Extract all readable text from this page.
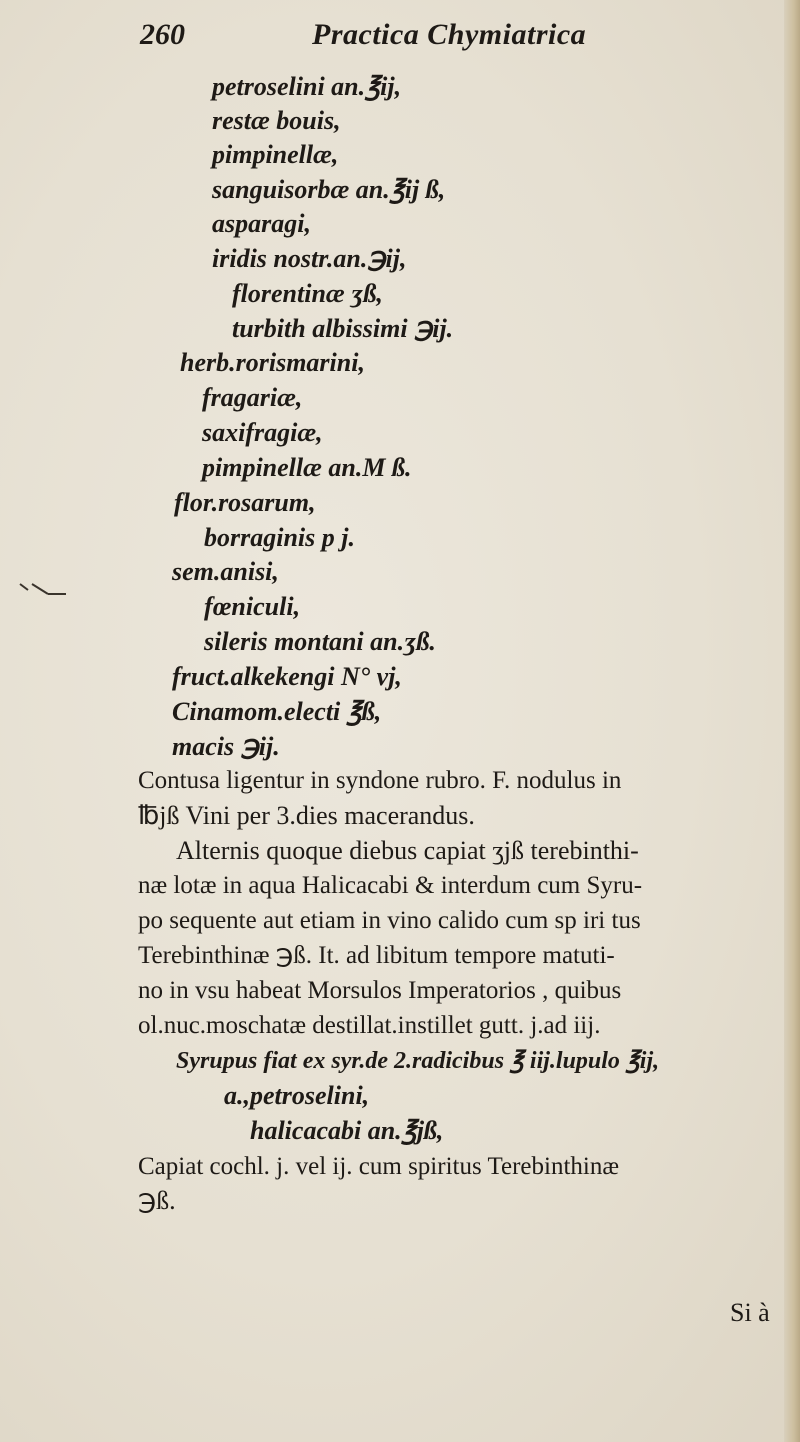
260	Practica Chymiatrica
petroselini an.℥ij,
restæ bouis,
pimpinellæ,
sanguisorbæ an.℥ij ß,
asparagi,
iridis nostr.an.℈ij,
florentinæ ʒß,
turbith albissimi ℈ij.
herb.rorismarini,
fragariæ,
saxifragiæ,
pimpinellæ an.M ß.
flor.rosarum,
borraginis p j.
sem.anisi,
fœniculi,
sileris montani an.ʒß.
fruct.alkekengi N° vj,
Cinamom.electi ℥ß,
macis ℈ij.
Contusa ligentur in syndone rubro. F. nodulus in
℔jß Vini per 3.dies macerandus.
Alternis quoque diebus capiat ʒjß terebinthi-
næ lotæ in aqua Halicacabi & interdum cum Syru-
po sequente aut etiam in vino calido cum sp iri tus
Terebinthinæ ℈ß. It. ad libitum tempore matuti-
no in vsu habeat Morsulos Imperatorios , quibus
ol.nuc.moschatæ destillat.instillet gutt. j.ad iij.
Syrupus fiat ex syr.de 2.radicibus ℥ iij.lupulo ℥ij,
a.,petroselini,
halicacabi an.℥jß,
Capiat cochl. j. vel ij. cum spiritus Terebinthinæ
℈ß.
Si à
